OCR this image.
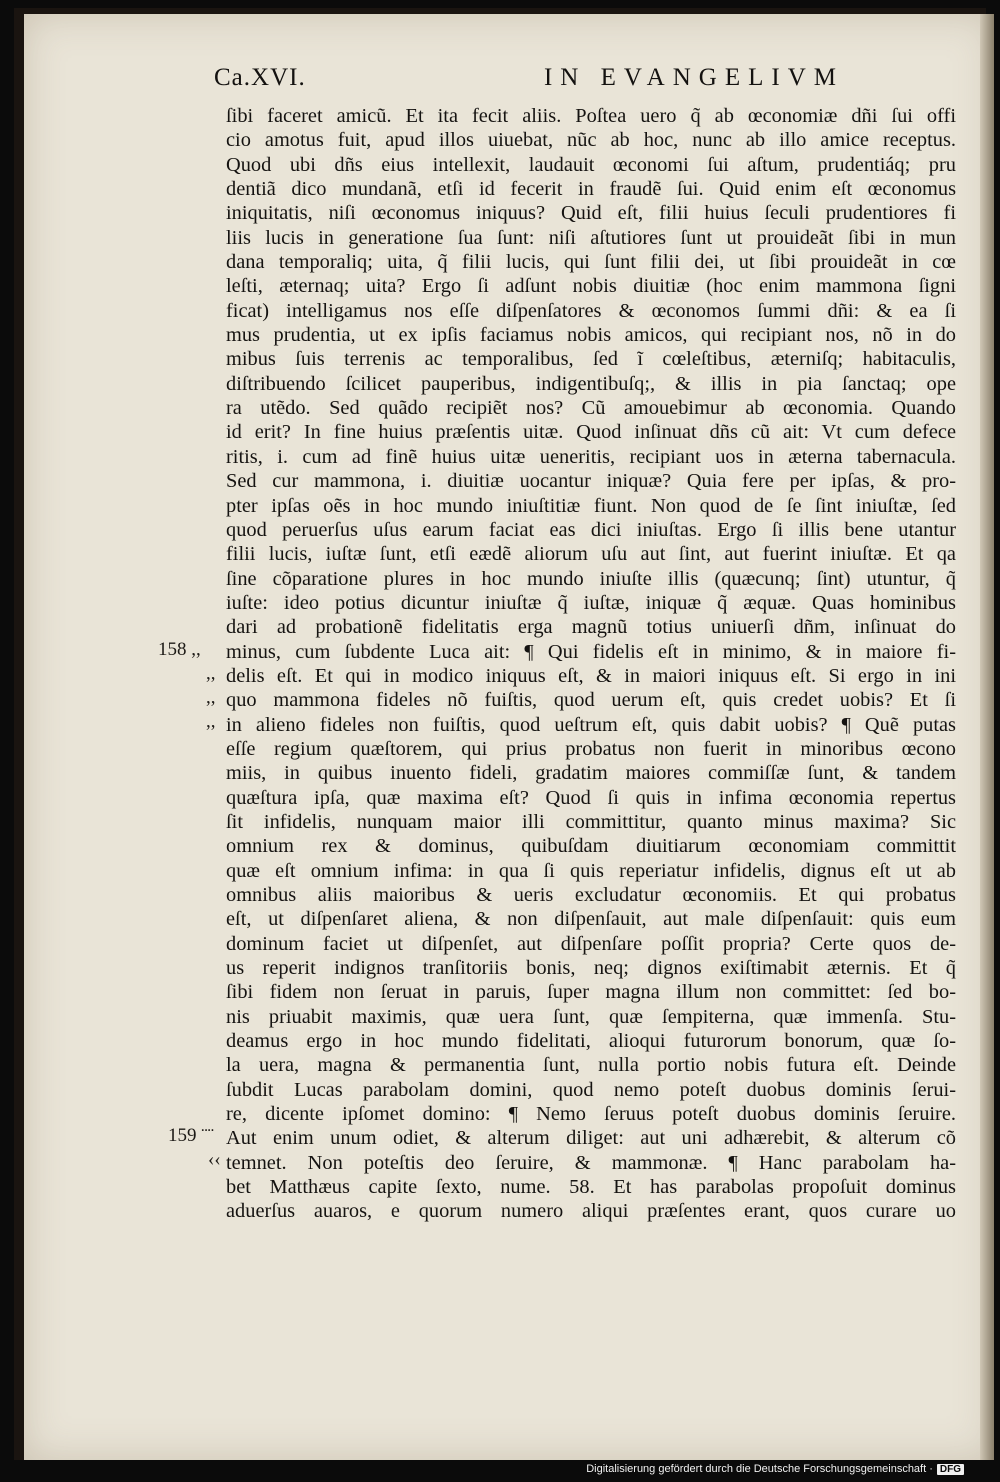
Ca.XVI.	IN EVANGELIVM
ſibi faceret amicũ. Et ita fecit aliis. Poſtea uero q̃ ab œconomiæ dñi ſui offi
cio amotus fuit, apud illos uiuebat, nũc ab hoc, nunc ab illo amice receptus.
Quod ubi dñs eius intellexit, laudauit œconomi ſui aſtum, prudentiáq; pru
dentiã dico mundanã, etſi id fecerit in fraudẽ ſui. Quid enim eſt œconomus
iniquitatis, niſi œconomus iniquus? Quid eſt, filii huius ſeculi prudentiores fi
liis lucis in generatione ſua ſunt: niſi aſtutiores ſunt ut prouideãt ſibi in mun
dana temporaliq; uita, q̃ filii lucis, qui ſunt filii dei, ut ſibi prouideãt in cœ
leſti, æternaq; uita? Ergo ſi adſunt nobis diuitiæ (hoc enim mammona ſigni
ficat) intelligamus nos eſſe diſpenſatores & œconomos ſummi dñi: & ea ſi
mus prudentia, ut ex ipſis faciamus nobis amicos, qui recipiant nos, nõ in do
mibus ſuis terrenis ac temporalibus, ſed ĩ cœleſtibus, æterniſq; habitaculis,
diſtribuendo ſcilicet pauperibus, indigentibuſq;, & illis in pia ſanctaq; ope
ra utẽdo. Sed quãdo recipiẽt nos? Cũ amouebimur ab œconomia. Quando
id erit? In fine huius præſentis uitæ. Quod inſinuat dñs cũ ait: Vt cum defece
ritis, i. cum ad finẽ huius uitæ ueneritis, recipiant uos in æterna tabernacula.
Sed cur mammona, i. diuitiæ uocantur iniquæ? Quia fere per ipſas, & pro-
pter ipſas oẽs in hoc mundo iniuſtitiæ fiunt. Non quod de ſe ſint iniuſtæ, ſed
quod peruerſus uſus earum faciat eas dici iniuſtas. Ergo ſi illis bene utantur
filii lucis, iuſtæ ſunt, etſi eædẽ aliorum uſu aut ſint, aut fuerint iniuſtæ. Et qa
ſine cõparatione plures in hoc mundo iniuſte illis (quæcunq; ſint) utuntur, q̃
iuſte: ideo potius dicuntur iniuſtæ q̃ iuſtæ, iniquæ q̃ æquæ. Quas hominibus
dari ad probationẽ fidelitatis erga magnũ totius uniuerſi dñm, inſinuat do
minus, cum ſubdente Luca ait: ¶ Qui fidelis eſt in minimo, & in maiore fi-
delis eſt. Et qui in modico iniquus eſt, & in maiori iniquus eſt. Si ergo in ini
quo mammona fideles nõ fuiſtis, quod uerum eſt, quis credet uobis? Et ſi
in alieno fideles non fuiſtis, quod ueſtrum eſt, quis dabit uobis? ¶ Quẽ putas
eſſe regium quæſtorem, qui prius probatus non fuerit in minoribus œcono
miis, in quibus inuento fideli, gradatim maiores commiſſæ ſunt, & tandem
quæſtura ipſa, quæ maxima eſt? Quod ſi quis in infima œconomia repertus
ſit infidelis, nunquam maior illi committitur, quanto minus maxima? Sic
omnium rex & dominus, quibuſdam diuitiarum œconomiam committit
quæ eſt omnium infima: in qua ſi quis reperiatur infidelis, dignus eſt ut ab
omnibus aliis maioribus & ueris excludatur œconomiis. Et qui probatus
eſt, ut diſpenſaret aliena, & non diſpenſauit, aut male diſpenſauit: quis eum
dominum faciet ut diſpenſet, aut diſpenſare poſſit propria? Certe quos de-
us reperit indignos tranſitoriis bonis, neq; dignos exiſtimabit æternis. Et q̃
ſibi fidem non ſeruat in paruis, ſuper magna illum non committet: ſed bo-
nis priuabit maximis, quæ uera ſunt, quæ ſempiterna, quæ immenſa. Stu-
deamus ergo in hoc mundo fidelitati, alioqui futurorum bonorum, quæ ſo-
la uera, magna & permanentia ſunt, nulla portio nobis futura eſt. Deinde
ſubdit Lucas parabolam domini, quod nemo poteſt duobus dominis ſerui-
re, dicente ipſomet domino: ¶ Nemo ſeruus poteſt duobus dominis ſeruire.
Aut enim unum odiet, & alterum diliget: aut uni adhærebit, & alterum cõ
temnet. Non poteſtis deo ſeruire, & mammonæ. ¶ Hanc parabolam ha-
bet Matthæus capite ſexto, nume. 58. Et has parabolas propoſuit dominus
aduerſus auaros, e quorum numero aliqui præſentes erant, quos curare uo
158 ,,
,,
,,
,,
159 ¨¨
‹‹
Digitalisierung gefördert durch die Deutsche Forschungsgemeinschaft · DFG
